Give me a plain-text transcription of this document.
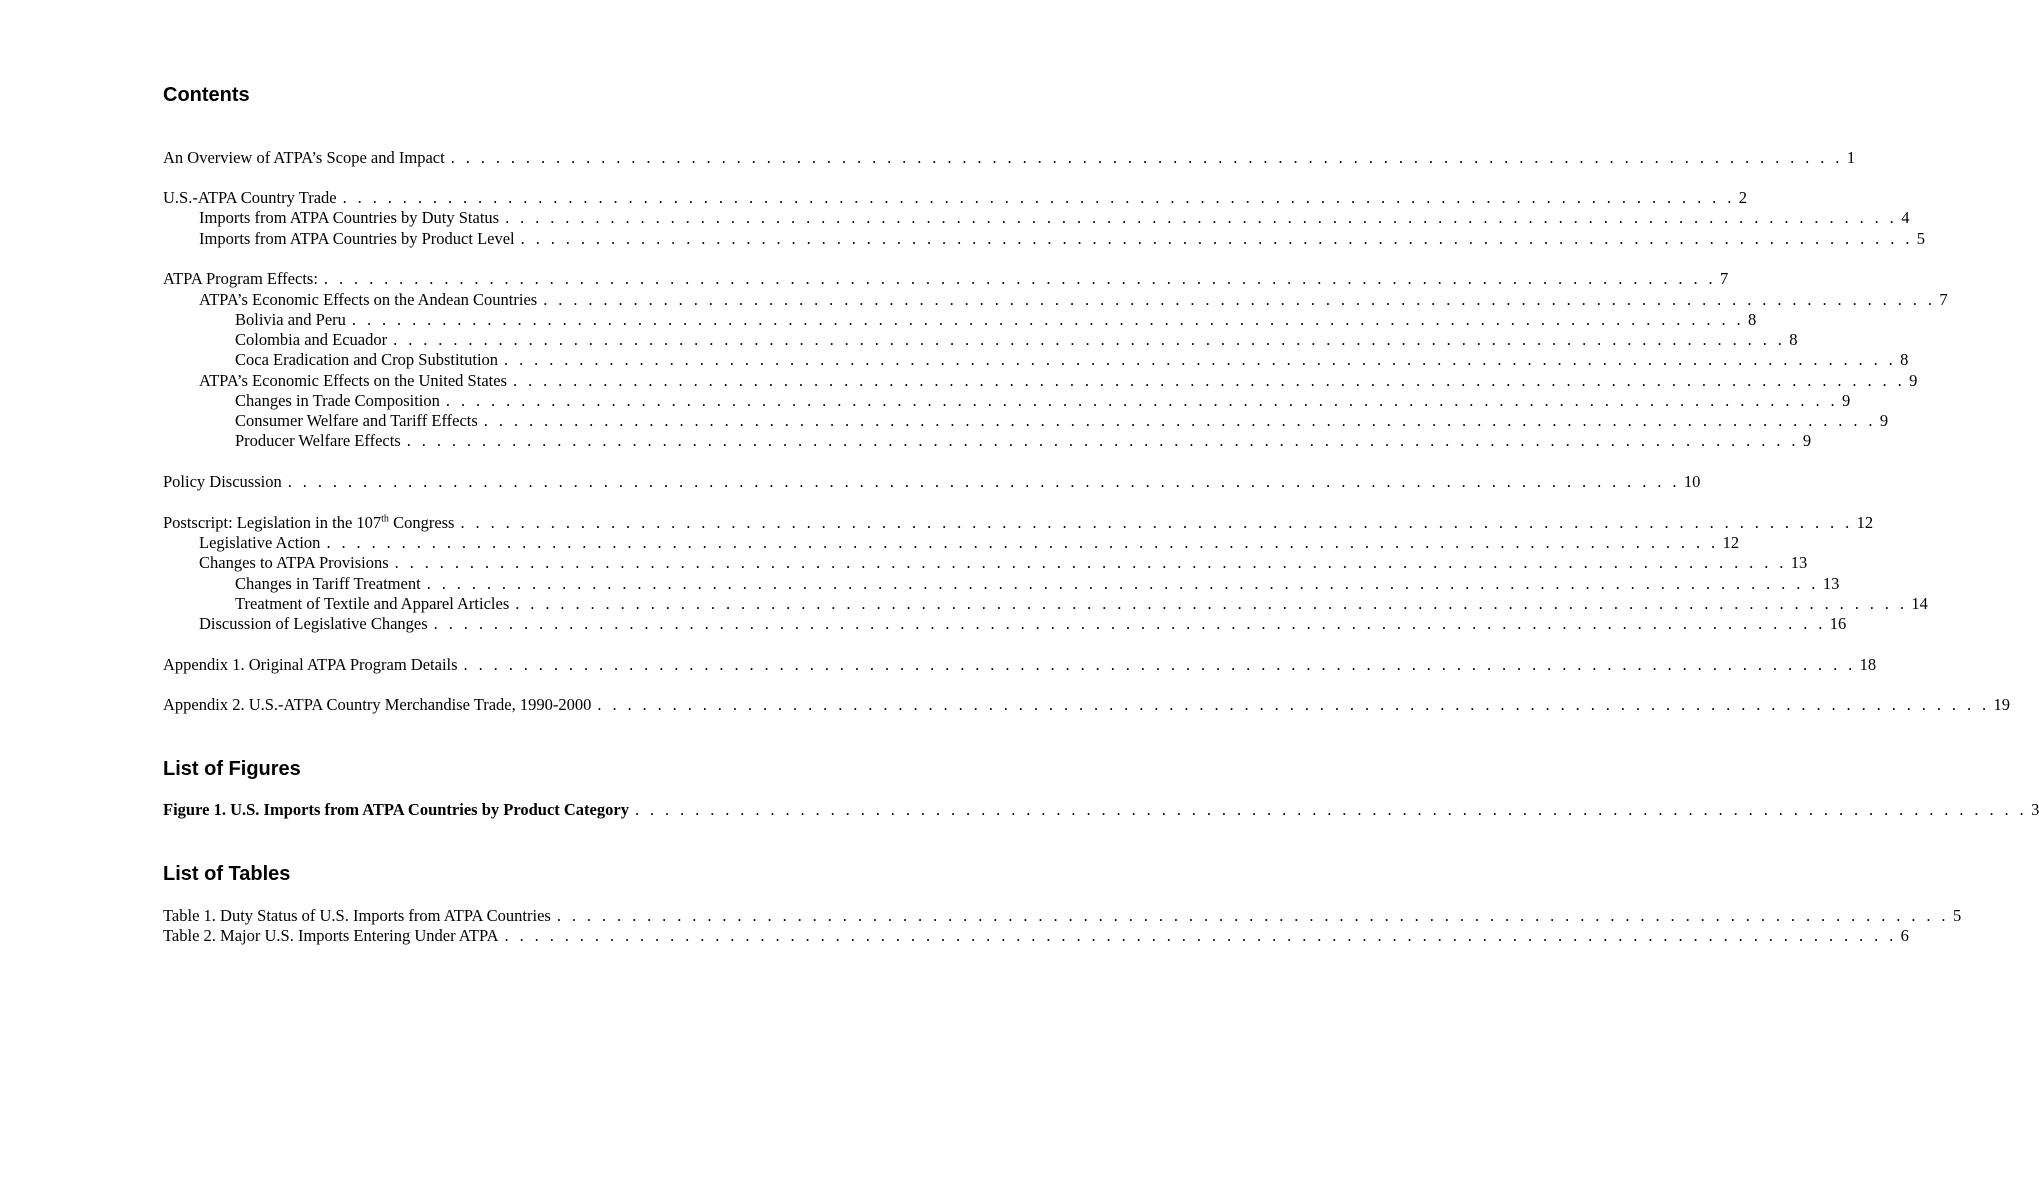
Contents
An Overview of ATPA’s Scope and Impact . . . . . . . . . . . . . . . . . . . . . . . . . . . . . . . . . . . . . . . . . . . . . . . . . . . . . . . . . . . . . . . . . . . . . . . . . . . . . . . . . . . . . . . . . . . . . 1
U.S.-ATPA Country Trade . . . . . . . . . . . . . . . . . . . . . . . . . . . . . . . . . . . . . . . . . . . . . . . . . . . . . . . . . . . . . . . . . . . . . . . . . . . . . . . . . . . . . . . . . . . . . 2
Imports from ATPA Countries by Duty Status . . . . . . . . . . . . . . . . . . . . . . . . . . . . . . . . . . . . . . . . . . . . . . . . . . . . . . . . . . . . . . . . . . . . . . . . . . . . . . . . . . . . . . . . . . . . . 4
Imports from ATPA Countries by Product Level . . . . . . . . . . . . . . . . . . . . . . . . . . . . . . . . . . . . . . . . . . . . . . . . . . . . . . . . . . . . . . . . . . . . . . . . . . . . . . . . . . . . . . . . . . . . . 5
ATPA Program Effects: . . . . . . . . . . . . . . . . . . . . . . . . . . . . . . . . . . . . . . . . . . . . . . . . . . . . . . . . . . . . . . . . . . . . . . . . . . . . . . . . . . . . . . . . . . . . . 7
ATPA’s Economic Effects on the Andean Countries . . . . . . . . . . . . . . . . . . . . . . . . . . . . . . . . . . . . . . . . . . . . . . . . . . . . . . . . . . . . . . . . . . . . . . . . . . . . . . . . . . . . . . . . . . . . . 7
Bolivia and Peru . . . . . . . . . . . . . . . . . . . . . . . . . . . . . . . . . . . . . . . . . . . . . . . . . . . . . . . . . . . . . . . . . . . . . . . . . . . . . . . . . . . . . . . . . . . . . 8
Colombia and Ecuador . . . . . . . . . . . . . . . . . . . . . . . . . . . . . . . . . . . . . . . . . . . . . . . . . . . . . . . . . . . . . . . . . . . . . . . . . . . . . . . . . . . . . . . . . . . . . 8
Coca Eradication and Crop Substitution . . . . . . . . . . . . . . . . . . . . . . . . . . . . . . . . . . . . . . . . . . . . . . . . . . . . . . . . . . . . . . . . . . . . . . . . . . . . . . . . . . . . . . . . . . . . . 8
ATPA’s Economic Effects on the United States . . . . . . . . . . . . . . . . . . . . . . . . . . . . . . . . . . . . . . . . . . . . . . . . . . . . . . . . . . . . . . . . . . . . . . . . . . . . . . . . . . . . . . . . . . . . . 9
Changes in Trade Composition . . . . . . . . . . . . . . . . . . . . . . . . . . . . . . . . . . . . . . . . . . . . . . . . . . . . . . . . . . . . . . . . . . . . . . . . . . . . . . . . . . . . . . . . . . . . . 9
Consumer Welfare and Tariff Effects . . . . . . . . . . . . . . . . . . . . . . . . . . . . . . . . . . . . . . . . . . . . . . . . . . . . . . . . . . . . . . . . . . . . . . . . . . . . . . . . . . . . . . . . . . . . . 9
Producer Welfare Effects . . . . . . . . . . . . . . . . . . . . . . . . . . . . . . . . . . . . . . . . . . . . . . . . . . . . . . . . . . . . . . . . . . . . . . . . . . . . . . . . . . . . . . . . . . . . . 9
Policy Discussion . . . . . . . . . . . . . . . . . . . . . . . . . . . . . . . . . . . . . . . . . . . . . . . . . . . . . . . . . . . . . . . . . . . . . . . . . . . . . . . . . . . . . . . . . . . . . 10
Postscript: Legislation in the 107th Congress . . . . . . . . . . . . . . . . . . . . . . . . . . . . . . . . . . . . . . . . . . . . . . . . . . . . . . . . . . . . . . . . . . . . . . . . . . . . . . . . . . . . . . . . . . . . . 12
Legislative Action . . . . . . . . . . . . . . . . . . . . . . . . . . . . . . . . . . . . . . . . . . . . . . . . . . . . . . . . . . . . . . . . . . . . . . . . . . . . . . . . . . . . . . . . . . . . . 12
Changes to ATPA Provisions . . . . . . . . . . . . . . . . . . . . . . . . . . . . . . . . . . . . . . . . . . . . . . . . . . . . . . . . . . . . . . . . . . . . . . . . . . . . . . . . . . . . . . . . . . . . . 13
Changes in Tariff Treatment . . . . . . . . . . . . . . . . . . . . . . . . . . . . . . . . . . . . . . . . . . . . . . . . . . . . . . . . . . . . . . . . . . . . . . . . . . . . . . . . . . . . . . . . . . . . . 13
Treatment of Textile and Apparel Articles . . . . . . . . . . . . . . . . . . . . . . . . . . . . . . . . . . . . . . . . . . . . . . . . . . . . . . . . . . . . . . . . . . . . . . . . . . . . . . . . . . . . . . . . . . . . . 14
Discussion of Legislative Changes . . . . . . . . . . . . . . . . . . . . . . . . . . . . . . . . . . . . . . . . . . . . . . . . . . . . . . . . . . . . . . . . . . . . . . . . . . . . . . . . . . . . . . . . . . . . . 16
Appendix 1. Original ATPA Program Details . . . . . . . . . . . . . . . . . . . . . . . . . . . . . . . . . . . . . . . . . . . . . . . . . . . . . . . . . . . . . . . . . . . . . . . . . . . . . . . . . . . . . . . . . . . . . 18
Appendix 2. U.S.-ATPA Country Merchandise Trade, 1990-2000 . . . . . . . . . . . . . . . . . . . . . . . . . . . . . . . . . . . . . . . . . . . . . . . . . . . . . . . . . . . . . . . . . . . . . . . . . . . . . . . . . . . . . . . . . . . . . 19
List of Figures
Figure 1. U.S. Imports from ATPA Countries by Product Category . . . . . . . . . . . . . . . . . . . . . . . . . . . . . . . . . . . . . . . . . . . . . . . . . . . . . . . . . . . . . . . . . . . . . . . . . . . . . . . . . . . . . . . . . . . . . 3
List of Tables
Table 1. Duty Status of U.S. Imports from ATPA Countries . . . . . . . . . . . . . . . . . . . . . . . . . . . . . . . . . . . . . . . . . . . . . . . . . . . . . . . . . . . . . . . . . . . . . . . . . . . . . . . . . . . . . . . . . . . . . 5
Table 2. Major U.S. Imports Entering Under ATPA . . . . . . . . . . . . . . . . . . . . . . . . . . . . . . . . . . . . . . . . . . . . . . . . . . . . . . . . . . . . . . . . . . . . . . . . . . . . . . . . . . . . . . . . . . . . . 6
